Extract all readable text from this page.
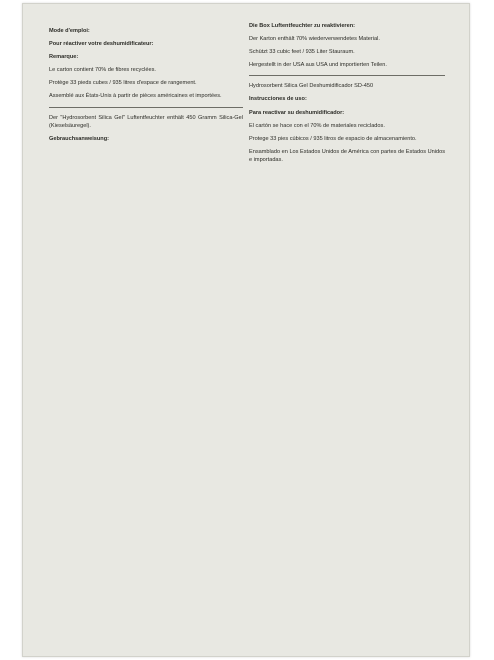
Mode d'emploi:

Pour réactiver votre deshumidificateur:

Remarque:

Le carton contient 70% de fibres recyclées.

Protège 33 pieds cubes / 935 litres d'espace de rangement.

Assemblé aux États-Unis à partir de pièces américaines et importées.

Der "Hydrosorbent Silica Gel" Luftentfeuchter enthält 450 Gramm Silica-Gel (Kieselsäuregel).

Gebrauchsanweisung:

Die Box Luftentfeuchter zu reaktivieren:

Der Karton enthält 70% wiederverwendetes Material.

Schützt 33 cubic feet / 935 Liter Stauraum.

Hergestellt in der USA aus USA und importierten Teilen.

Hydrosorbent Silica Gel Deshumidificador SD-450

Instrucciones de uso:

Para reactivar su deshumidificador:

El cartón se hace con el 70% de materiales reciclados.

Protege 33 pies cúbicos / 935 litros de espacio de almacenamiento.

Ensamblado en Los Estados Unidos de América con partes de Estados Unidos e importadas.
